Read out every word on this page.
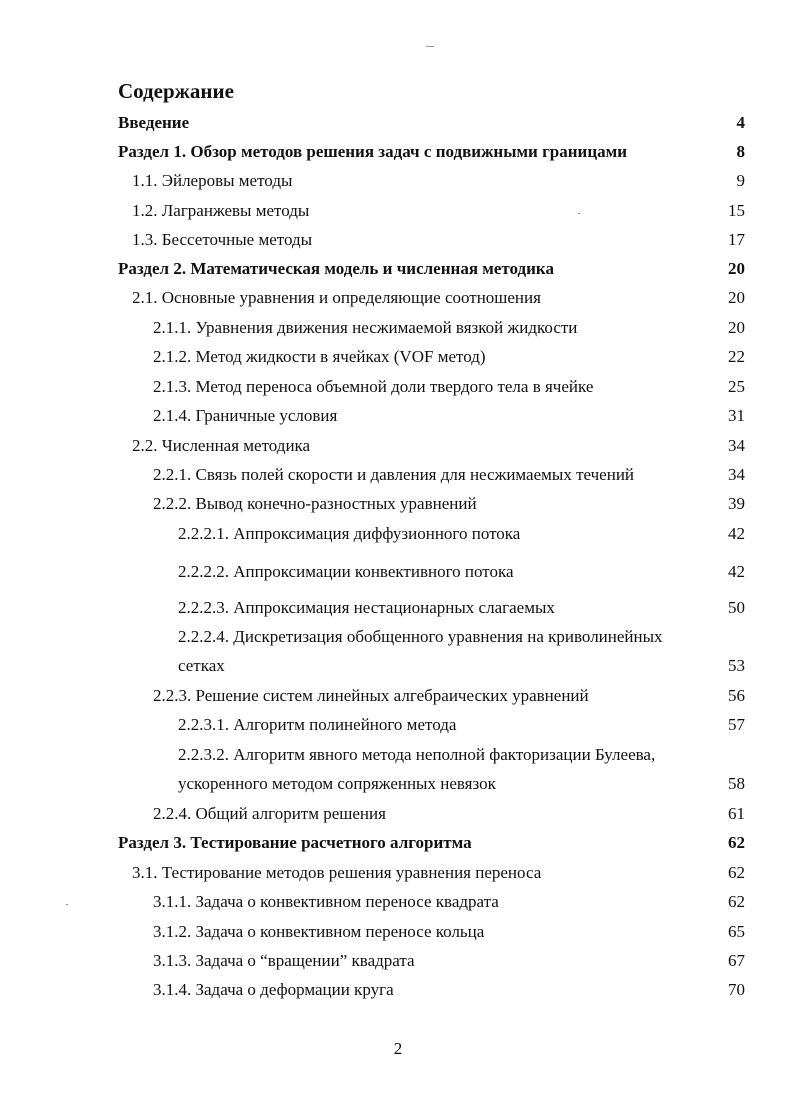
Содержание
Введение	4
Раздел 1. Обзор методов решения задач с подвижными границами	8
1.1. Эйлеровы методы	9
1.2. Лагранжевы методы	15
1.3. Бессеточные методы	17
Раздел 2. Математическая модель и численная методика	20
2.1. Основные уравнения и определяющие соотношения	20
2.1.1. Уравнения движения несжимаемой вязкой жидкости	20
2.1.2. Метод жидкости в ячейках (VOF метод)	22
2.1.3. Метод переноса объемной доли твердого тела в ячейке	25
2.1.4. Граничные условия	31
2.2. Численная методика	34
2.2.1. Связь полей скорости и давления для несжимаемых течений	34
2.2.2. Вывод конечно-разностных уравнений	39
2.2.2.1. Аппроксимация диффузионного потока	42
2.2.2.2. Аппроксимации конвективного потока	42
2.2.2.3. Аппроксимация нестационарных слагаемых	50
2.2.2.4. Дискретизация обобщенного уравнения на криволинейных
сетках	53
2.2.3. Решение систем линейных алгебраических уравнений	56
2.2.3.1. Алгоритм полинейного метода	57
2.2.3.2. Алгоритм явного метода неполной факторизации Булеева,
ускоренного методом сопряженных невязок	58
2.2.4. Общий алгоритм решения	61
Раздел 3. Тестирование расчетного алгоритма	62
3.1. Тестирование методов решения уравнения переноса	62
3.1.1. Задача о конвективном переносе квадрата	62
3.1.2. Задача о конвективном переносе кольца	65
3.1.3. Задача о “вращении” квадрата	67
3.1.4. Задача о деформации круга	70
2
